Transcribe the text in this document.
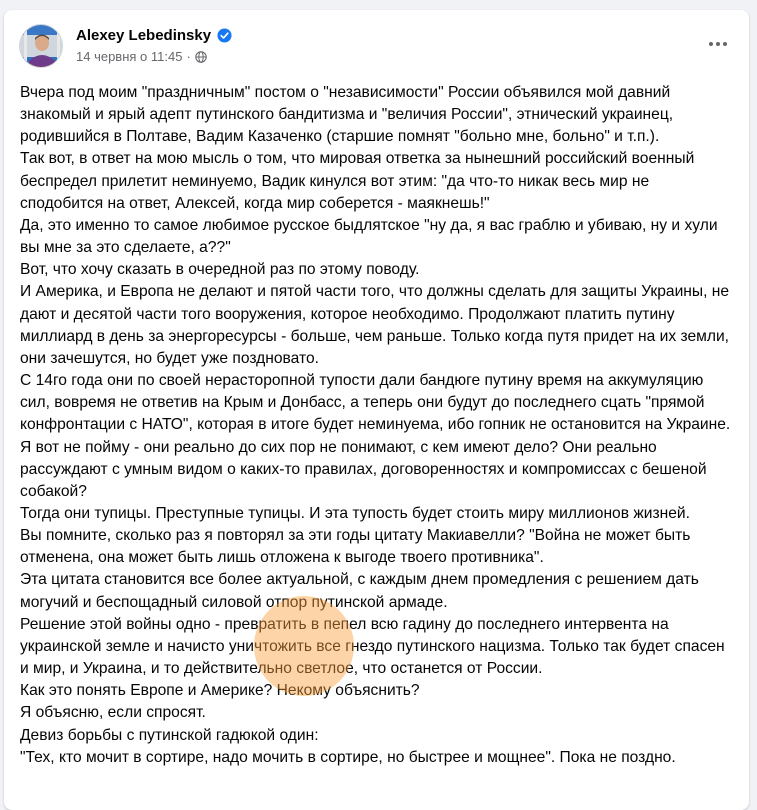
Alexey Lebedinsky
14 червня о 11:45 ·

Вчера под моим "праздничным" постом о "независимости" России объявился мой давний знакомый и ярый адепт путинского бандитизма и "величия России", этнический украинец, родившийся в Полтаве, Вадим Казаченко (старшие помнят "больно мне, больно" и т.п.).

Так вот, в ответ на мою мысль о том, что мировая ответка за нынешний российский военный беспредел прилетит неминуемо, Вадик кинулся вот этим: "да что-то никак весь мир не сподобится на ответ, Алексей, когда мир соберется - маякнешь!"

Да, это именно то самое любимое русское быдлятское "ну да, я вас граблю и убиваю, ну и хули вы мне за это сделаете, а??"

Вот, что хочу сказать в очередной раз по этому поводу.

И Америка, и Европа не делают и пятой части того, что должны сделать для защиты Украины, не дают и десятой части того вооружения, которое необходимо. Продолжают платить путину миллиард в день за энергоресурсы - больше, чем раньше. Только когда путя придет на их земли, они зачешутся, но будет уже поздновато.

С 14го года они по своей нерасторопной тупости дали бандюге путину время на аккумуляцию сил, вовремя не ответив на Крым и Донбасс, а теперь они будут до последнего сцать "прямой конфронтации с НАТО", которая в итоге будет неминуема, ибо гопник не остановится на Украине.

Я вот не пойму - они реально до сих пор не понимают, с кем имеют дело? Они реально рассуждают с умным видом о каких-то правилах, договоренностях и компромиссах с бешеной собакой?

Тогда они тупицы. Преступные тупицы. И эта тупость будет стоить миру миллионов жизней.

Вы помните, сколько раз я повторял за эти годы цитату Макиавелли? "Война не может быть отменена, она может быть лишь отложена к выгоде твоего противника".

Эта цитата становится все более актуальной, с каждым днем промедления с решением дать могучий и беспощадный силовой отпор путинской армаде.

Решение этой войны одно - превратить в пепел всю гадину до последнего интервента на украинской земле и начисто уничтожить все гнездо путинского нацизма. Только так будет спасен и мир, и Украина, и то действительно светлое, что останется от России.

Как это понять Европе и Америке? Некому объяснить?

Я объясню, если спросят.

Девиз борьбы с путинской гадюкой один:

"Тех, кто мочит в сортире, надо мочить в сортире, но быстрее и мощнее". Пока не поздно.
